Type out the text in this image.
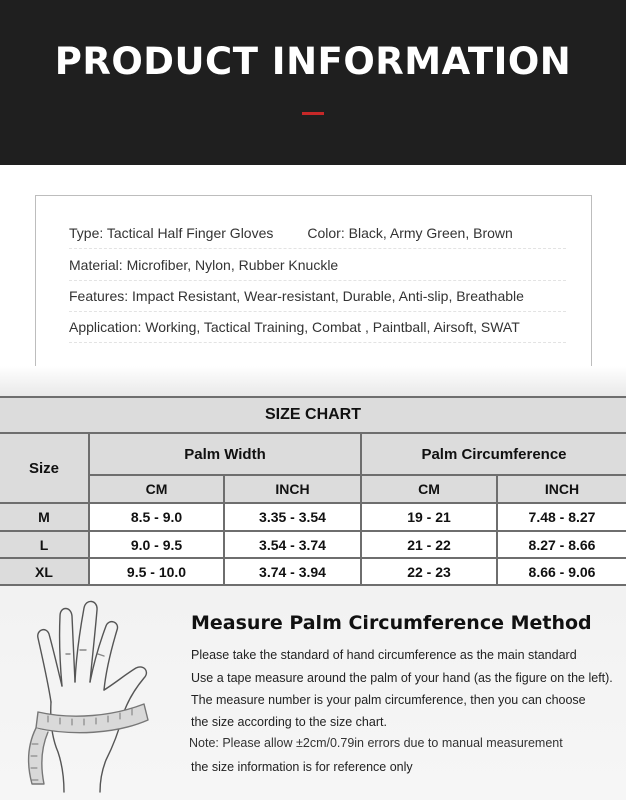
PRODUCT INFORMATION
Type: Tactical Half Finger Gloves Color: Black, Army Green, Brown
Material: Microfiber, Nylon, Rubber Knuckle
Features: Impact Resistant, Wear-resistant, Durable, Anti-slip, Breathable
Application: Working, Tactical Training, Combat , Paintball, Airsoft, SWAT
SIZE CHART
Size
Palm Width	Palm Circumference
CM	INCH	CM	INCH
M	8.5 - 9.0	3.35 - 3.54	19 - 21	7.48 - 8.27
L	9.0 - 9.5	3.54 - 3.74	21 - 22	8.27 - 8.66
XL	9.5 - 10.0	3.74 - 3.94	22 - 23	8.66 - 9.06
Measure Palm Circumference Method
Please take the standard of hand circumference as the main standard
Use a tape measure around the palm of your hand (as the figure on the left).
The measure number is your palm circumference, then you can choose
the size according to the size chart.
Note: Please allow ±2cm/0.79in errors due to manual measurement
the size information is for reference only
